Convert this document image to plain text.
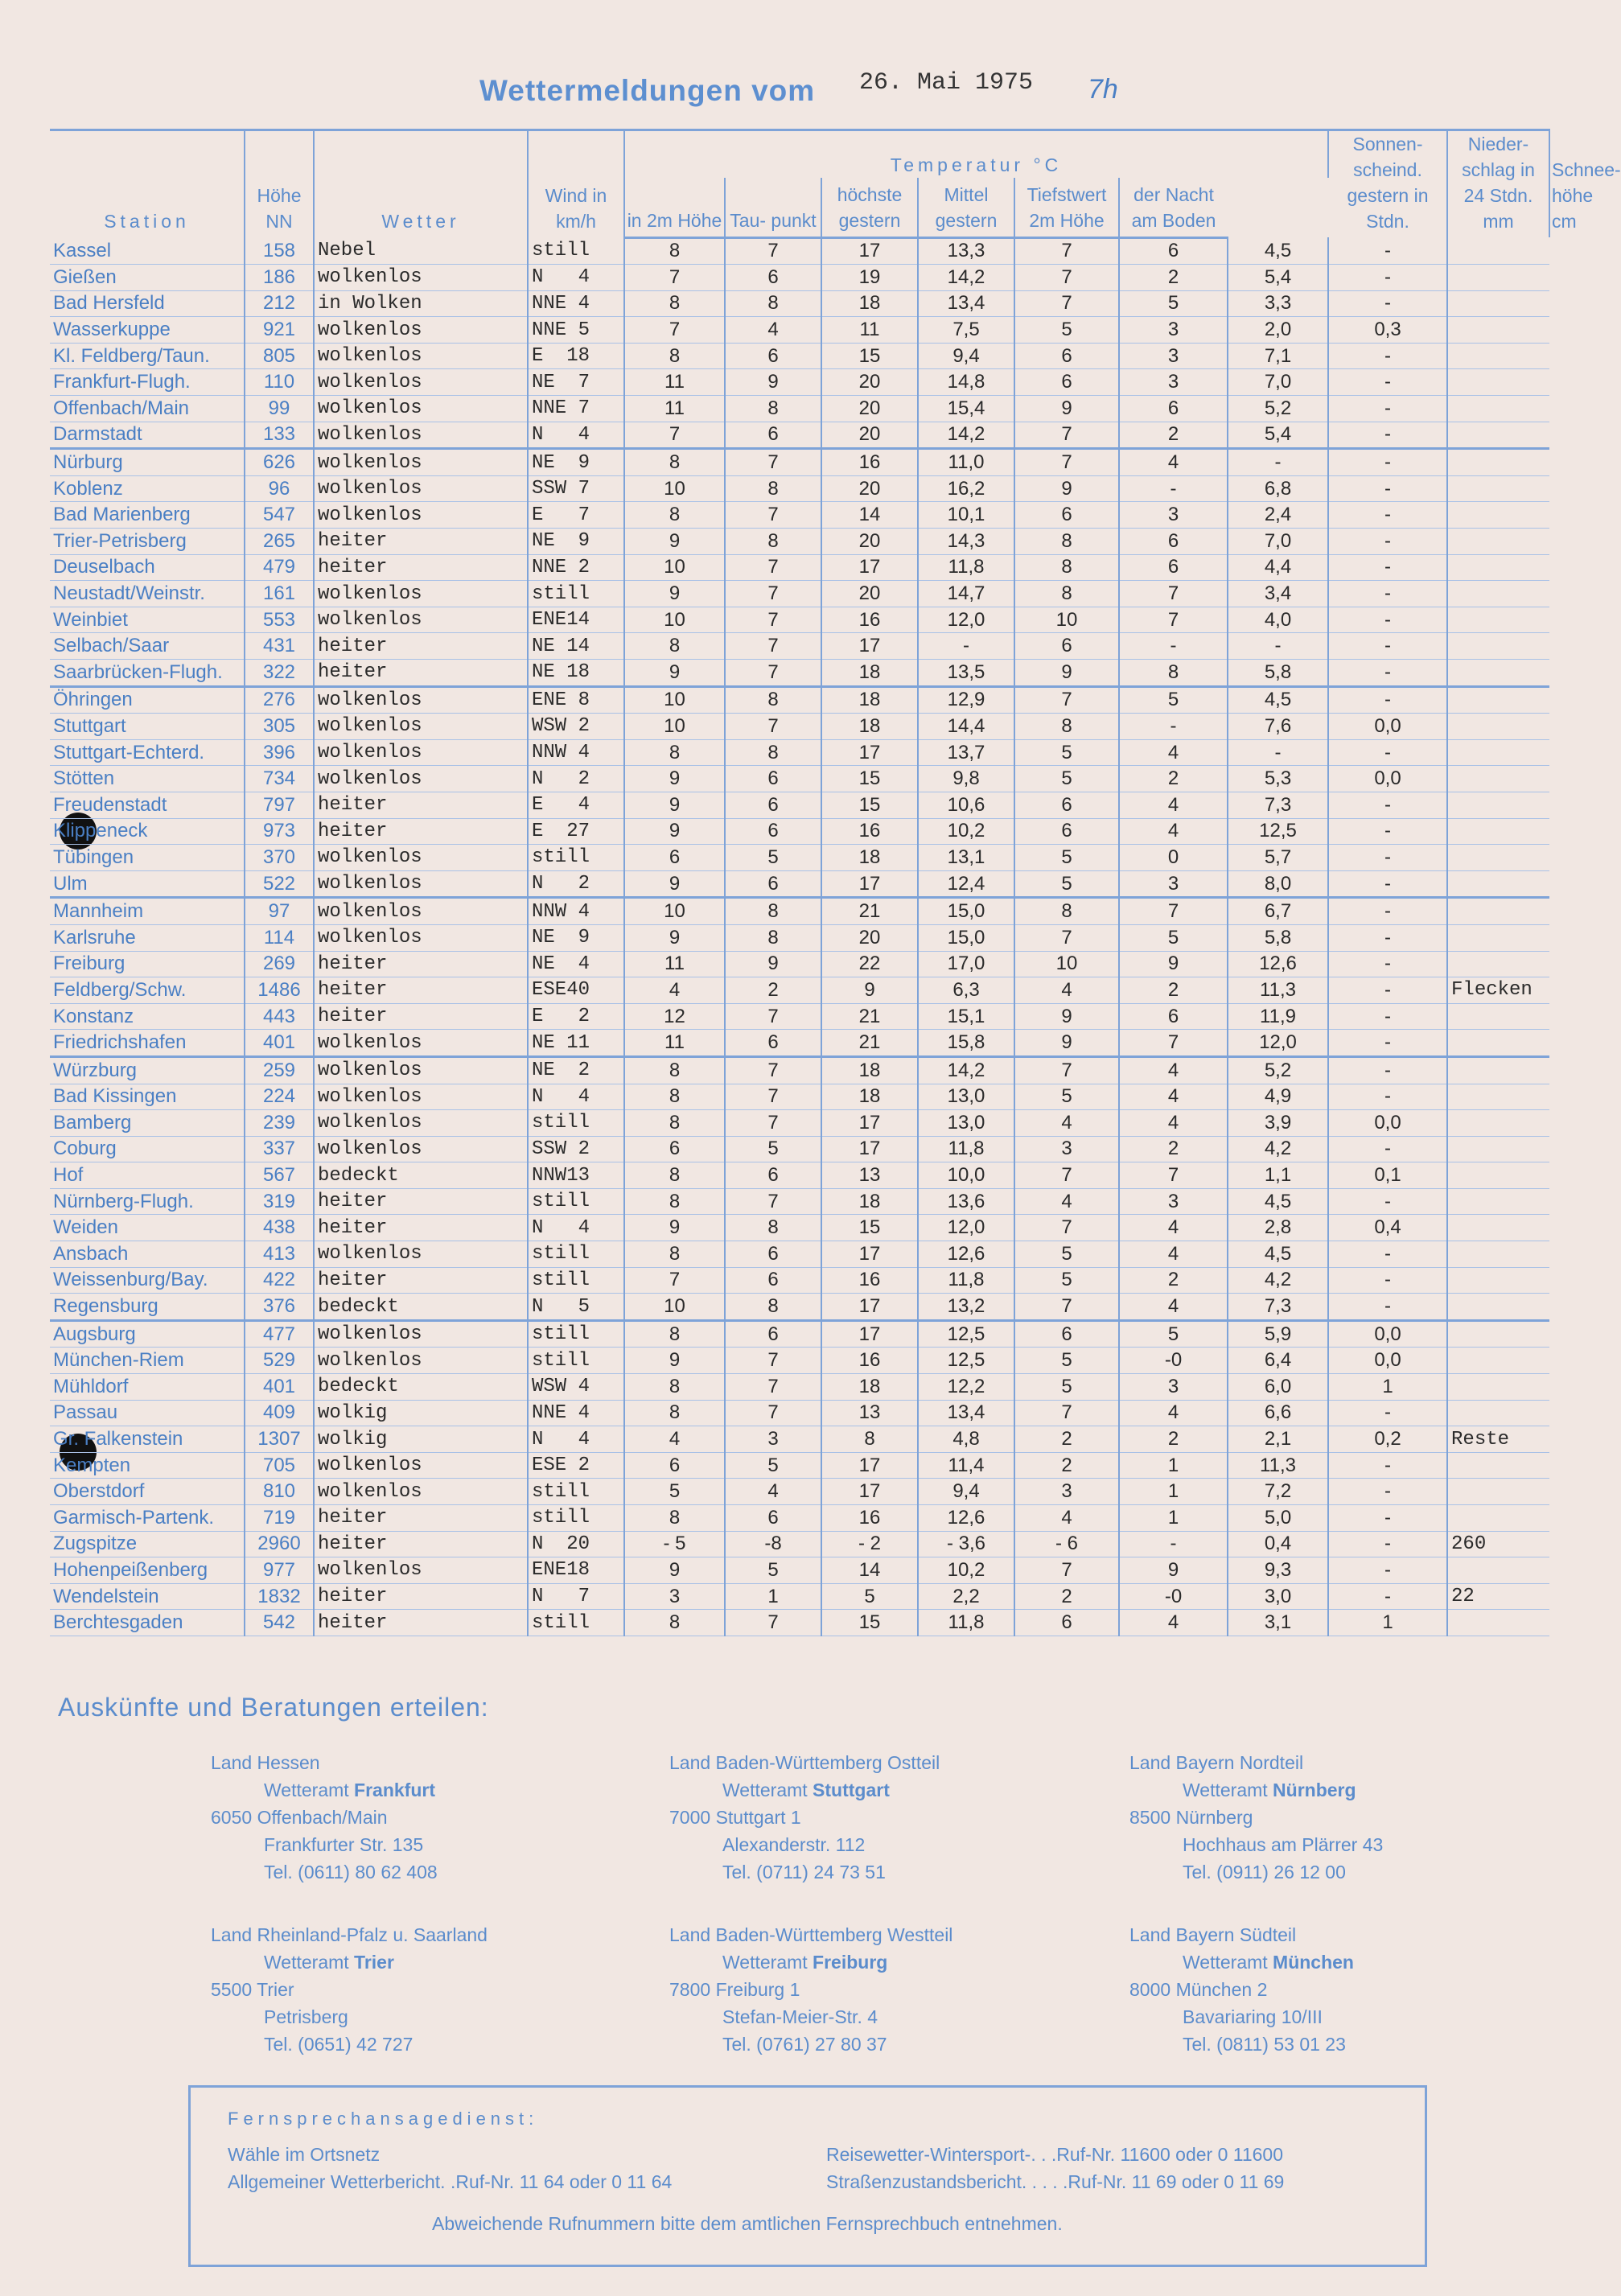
Wettermeldungen vom 26. Mai 1975 7h
Station	Höhe NN	Wetter	Wind in km/h	Temperatur °C							Sonnen- scheind. gestern in Stdn.	Nieder- schlag in 24 Stdn. mm	Schnee- höhe cm
				in 2m Höhe	Tau- punkt	höchste gestern	Mittel gestern	Tiefstwert 2m Höhe	der Nacht am Boden				
Kassel	158	Nebel	still	8	7	17	13,3	7	6	4,5	-		
Gießen	186	wolkenlos	N   4	7	6	19	14,2	7	2	5,4	-		
Bad Hersfeld	212	in Wolken	NNE 4	8	8	18	13,4	7	5	3,3	-		
Wasserkuppe	921	wolkenlos	NNE 5	7	4	11	7,5	5	3	2,0	0,3		
Kl. Feldberg/Taun.	805	wolkenlos	E  18	8	6	15	9,4	6	3	7,1	-		
Frankfurt-Flugh.	110	wolkenlos	NE  7	11	9	20	14,8	6	3	7,0	-		
Offenbach/Main	99	wolkenlos	NNE 7	11	8	20	15,4	9	6	5,2	-		
Darmstadt	133	wolkenlos	N   4	7	6	20	14,2	7	2	5,4	-		
Nürburg	626	wolkenlos	NE  9	8	7	16	11,0	7	4	-	-		
Koblenz	96	wolkenlos	SSW 7	10	8	20	16,2	9	-	6,8	-		
Bad Marienberg	547	wolkenlos	E   7	8	7	14	10,1	6	3	2,4	-		
Trier-Petrisberg	265	heiter	NE  9	9	8	20	14,3	8	6	7,0	-		
Deuselbach	479	heiter	NNE 2	10	7	17	11,8	8	6	4,4	-		
Neustadt/Weinstr.	161	wolkenlos	still	9	7	20	14,7	8	7	3,4	-		
Weinbiet	553	wolkenlos	ENE14	10	7	16	12,0	10	7	4,0	-		
Selbach/Saar	431	heiter	NE 14	8	7	17	-	6	-	-	-		
Saarbrücken-Flugh.	322	heiter	NE 18	9	7	18	13,5	9	8	5,8	-		
Öhringen	276	wolkenlos	ENE 8	10	8	18	12,9	7	5	4,5	-		
Stuttgart	305	wolkenlos	WSW 2	10	7	18	14,4	8	-	7,6	0,0		
Stuttgart-Echterd.	396	wolkenlos	NNW 4	8	8	17	13,7	5	4	-	-		
Stötten	734	wolkenlos	N   2	9	6	15	9,8	5	2	5,3	0,0		
Freudenstadt	797	heiter	E   4	9	6	15	10,6	6	4	7,3	-		
Klippeneck	973	heiter	E  27	9	6	16	10,2	6	4	12,5	-		
Tübingen	370	wolkenlos	still	6	5	18	13,1	5	0	5,7	-		
Ulm	522	wolkenlos	N   2	9	6	17	12,4	5	3	8,0	-		
Mannheim	97	wolkenlos	NNW 4	10	8	21	15,0	8	7	6,7	-		
Karlsruhe	114	wolkenlos	NE  9	9	8	20	15,0	7	5	5,8	-		
Freiburg	269	heiter	NE  4	11	9	22	17,0	10	9	12,6	-		
Feldberg/Schw.	1486	heiter	ESE40	4	2	9	6,3	4	2	11,3	-	Flecken	
Konstanz	443	heiter	E   2	12	7	21	15,1	9	6	11,9	-		
Friedrichshafen	401	wolkenlos	NE 11	11	6	21	15,8	9	7	12,0	-		
Würzburg	259	wolkenlos	NE  2	8	7	18	14,2	7	4	5,2	-		
Bad Kissingen	224	wolkenlos	N   4	8	7	18	13,0	5	4	4,9	-		
Bamberg	239	wolkenlos	still	8	7	17	13,0	4	4	3,9	0,0		
Coburg	337	wolkenlos	SSW 2	6	5	17	11,8	3	2	4,2	-		
Hof	567	bedeckt	NNW13	8	6	13	10,0	7	7	1,1	0,1		
Nürnberg-Flugh.	319	heiter	still	8	7	18	13,6	4	3	4,5	-		
Weiden	438	heiter	N   4	9	8	15	12,0	7	4	2,8	0,4		
Ansbach	413	wolkenlos	still	8	6	17	12,6	5	4	4,5	-		
Weissenburg/Bay.	422	heiter	still	7	6	16	11,8	5	2	4,2	-		
Regensburg	376	bedeckt	N   5	10	8	17	13,2	7	4	7,3	-		
Augsburg	477	wolkenlos	still	8	6	17	12,5	6	5	5,9	0,0		
München-Riem	529	wolkenlos	still	9	7	16	12,5	5	-0	6,4	0,0		
Mühldorf	401	bedeckt	WSW 4	8	7	18	12,2	5	3	6,0	1		
Passau	409	wolkig	NNE 4	8	7	13	13,4	7	4	6,6	-		
Gr. Falkenstein	1307	wolkig	N   4	4	3	8	4,8	2	2	2,1	0,2	Reste	
Kempten	705	wolkenlos	ESE 2	6	5	17	11,4	2	1	11,3	-		
Oberstdorf	810	wolkenlos	still	5	4	17	9,4	3	1	7,2	-		
Garmisch-Partenk.	719	heiter	still	8	6	16	12,6	4	1	5,0	-		
Zugspitze	2960	heiter	N  20	- 5	-8	- 2	- 3,6	- 6	-	0,4	-	260	
Hohenpeißenberg	977	wolkenlos	ENE18	9	5	14	10,2	7	9	9,3	-		
Wendelstein	1832	heiter	N   7	3	1	5	2,2	2	-0	3,0	-	22	
Berchtesgaden	542	heiter	still	8	7	15	11,8	6	4	3,1	1		
Auskünfte und Beratungen erteilen:
Land Hessen
Wetteramt Frankfurt
6050 Offenbach/Main
Frankfurter Str. 135
Tel. (0611) 80 62 408
Land Baden-Württemberg Ostteil
Wetteramt Stuttgart
7000 Stuttgart 1
Alexanderstr. 112
Tel. (0711) 24 73 51
Land Bayern Nordteil
Wetteramt Nürnberg
8500 Nürnberg
Hochhaus am Plärrer 43
Tel. (0911) 26 12 00
Land Rheinland-Pfalz u. Saarland
Wetteramt Trier
5500 Trier
Petrisberg
Tel. (0651) 42 727
Land Baden-Württemberg Westteil
Wetteramt Freiburg
7800 Freiburg 1
Stefan-Meier-Str. 4
Tel. (0761) 27 80 37
Land Bayern Südteil
Wetteramt München
8000 München 2
Bavariaring 10/III
Tel. (0811) 53 01 23
Fernsprechansagedienst:
Wähle im Ortsnetz
Allgemeiner Wetterbericht. .Ruf-Nr. 11 64 oder 0 11 64
Reisewetter-Wintersport-. . .Ruf-Nr. 11600 oder 0 11600
Straßenzustandsbericht. . . . .Ruf-Nr. 11 69 oder 0 11 69
Abweichende Rufnummern bitte dem amtlichen Fernsprechbuch entnehmen.
